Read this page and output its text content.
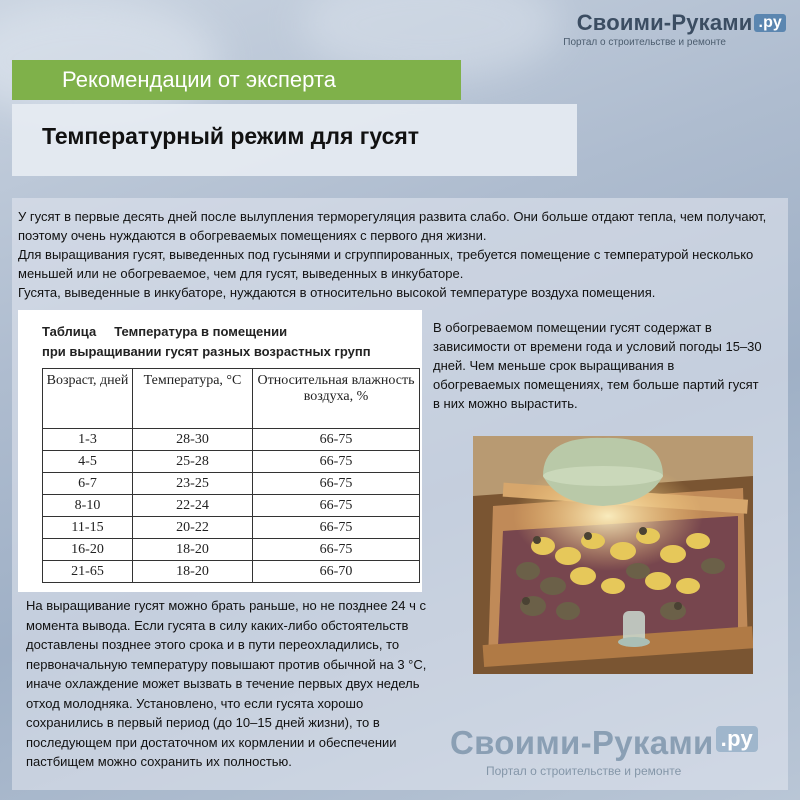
Своими-Руками .ру
Портал о строительстве и ремонте
Рекомендации от эксперта
Температурный режим для гусят

У гусят в первые десять дней после вылупления терморегуляция развита слабо. Они больше отдают тепла, чем получают, поэтому очень нуждаются в обогреваемых помещениях с первого дня жизни.

Для выращивания гусят, выведенных под гусынями и сгруппированных, требуется помещение с температурой несколько меньшей или не обогреваемое, чем для гусят, выведенных в инкубаторе.

Гусята, выведенные в инкубаторе, нуждаются в относительно высокой температуре воздуха помещения.

Таблица     Температура в помещении
при выращивании гусят разных возрастных групп
Возраст, дней	Температура, °С	Относительная влажность воздуха, %
1-3	28-30	66-75
4-5	25-28	66-75
6-7	23-25	66-75
8-10	22-24	66-75
11-15	20-22	66-75
16-20	18-20	66-75
21-65	18-20	66-70
В обогреваемом помещении гусят содержат в зависимости от времени года и условий погоды 15–30 дней. Чем меньше срок выращивания в обогреваемых помещениях, тем больше партий гусят в них можно вырастить.
На выращивание гусят можно брать раньше, но не позднее 24 ч с момента вывода. Если гусята в силу каких-либо обстоятельств доставлены позднее этого срока и в пути переохладились, то первоначальную температуру повышают против обычной на 3 °С, иначе охлаждение может вызвать в течение первых двух недель отход молодняка. Установлено, что если гусята хорошо сохранились в первый период (до 10–15 дней жизни), то в последующем при достаточном их кормлении и обеспечении пастбищем можно сохранить их полностью.
Своими-Руками .ру
Портал о строительстве и ремонте
